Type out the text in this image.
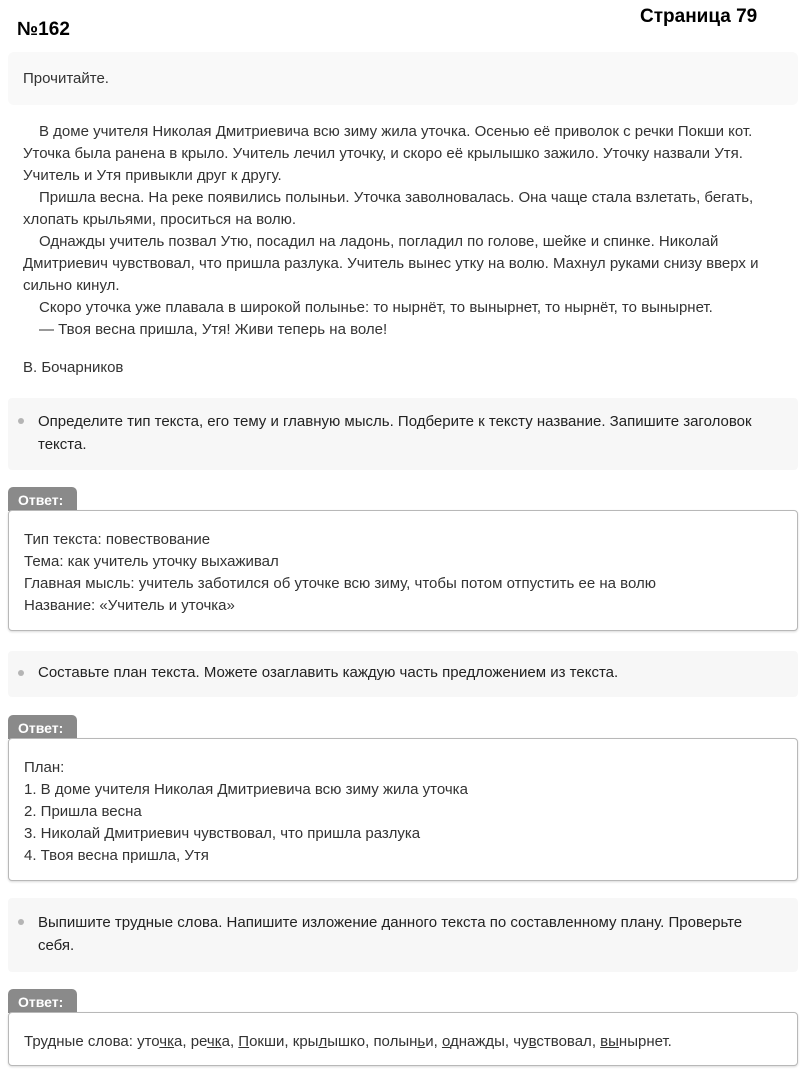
№162
Страница 79
Прочитайте.

В доме учителя Николая Дмитриевича всю зиму жила уточка. Осенью её приволок с речки Покши кот. Уточка была ранена в крыло. Учитель лечил уточку, и скоро её крылышко зажило. Уточку назвали Утя. Учитель и Утя привыкли друг к другу.

Пришла весна. На реке появились полыньи. Уточка заволновалась. Она чаще стала взлетать, бегать, хлопать крыльями, проситься на волю.

Однажды учитель позвал Утю, посадил на ладонь, погладил по голове, шейке и спинке. Николай Дмитриевич чувствовал, что пришла разлука. Учитель вынес утку на волю. Махнул руками снизу вверх и сильно кинул.

Скоро уточка уже плавала в широкой полынье: то нырнёт, то вынырнет, то нырнёт, то вынырнет.

— Твоя весна пришла, Утя! Живи теперь на воле!

В. Бочарников
Определите тип текста, его тему и главную мысль. Подберите к тексту название. Запишите заголовок текста.
Ответ:
Тип текста: повествование
Тема: как учитель уточку выхаживал
Главная мысль: учитель заботился об уточке всю зиму, чтобы потом отпустить ее на волю
Название: «Учитель и уточка»
Составьте план текста. Можете озаглавить каждую часть предложением из текста.
Ответ:
План:
1. В доме учителя Николая Дмитриевича всю зиму жила уточка
2. Пришла весна
3. Николай Дмитриевич чувствовал, что пришла разлука
4. Твоя весна пришла, Утя
Выпишите трудные слова. Напишите изложение данного текста по составленному плану. Проверьте себя.
Ответ:
Трудные слова: уточка, речка, Покши, крылышко, полыньи, однажды, чувствовал, вынырнет.
